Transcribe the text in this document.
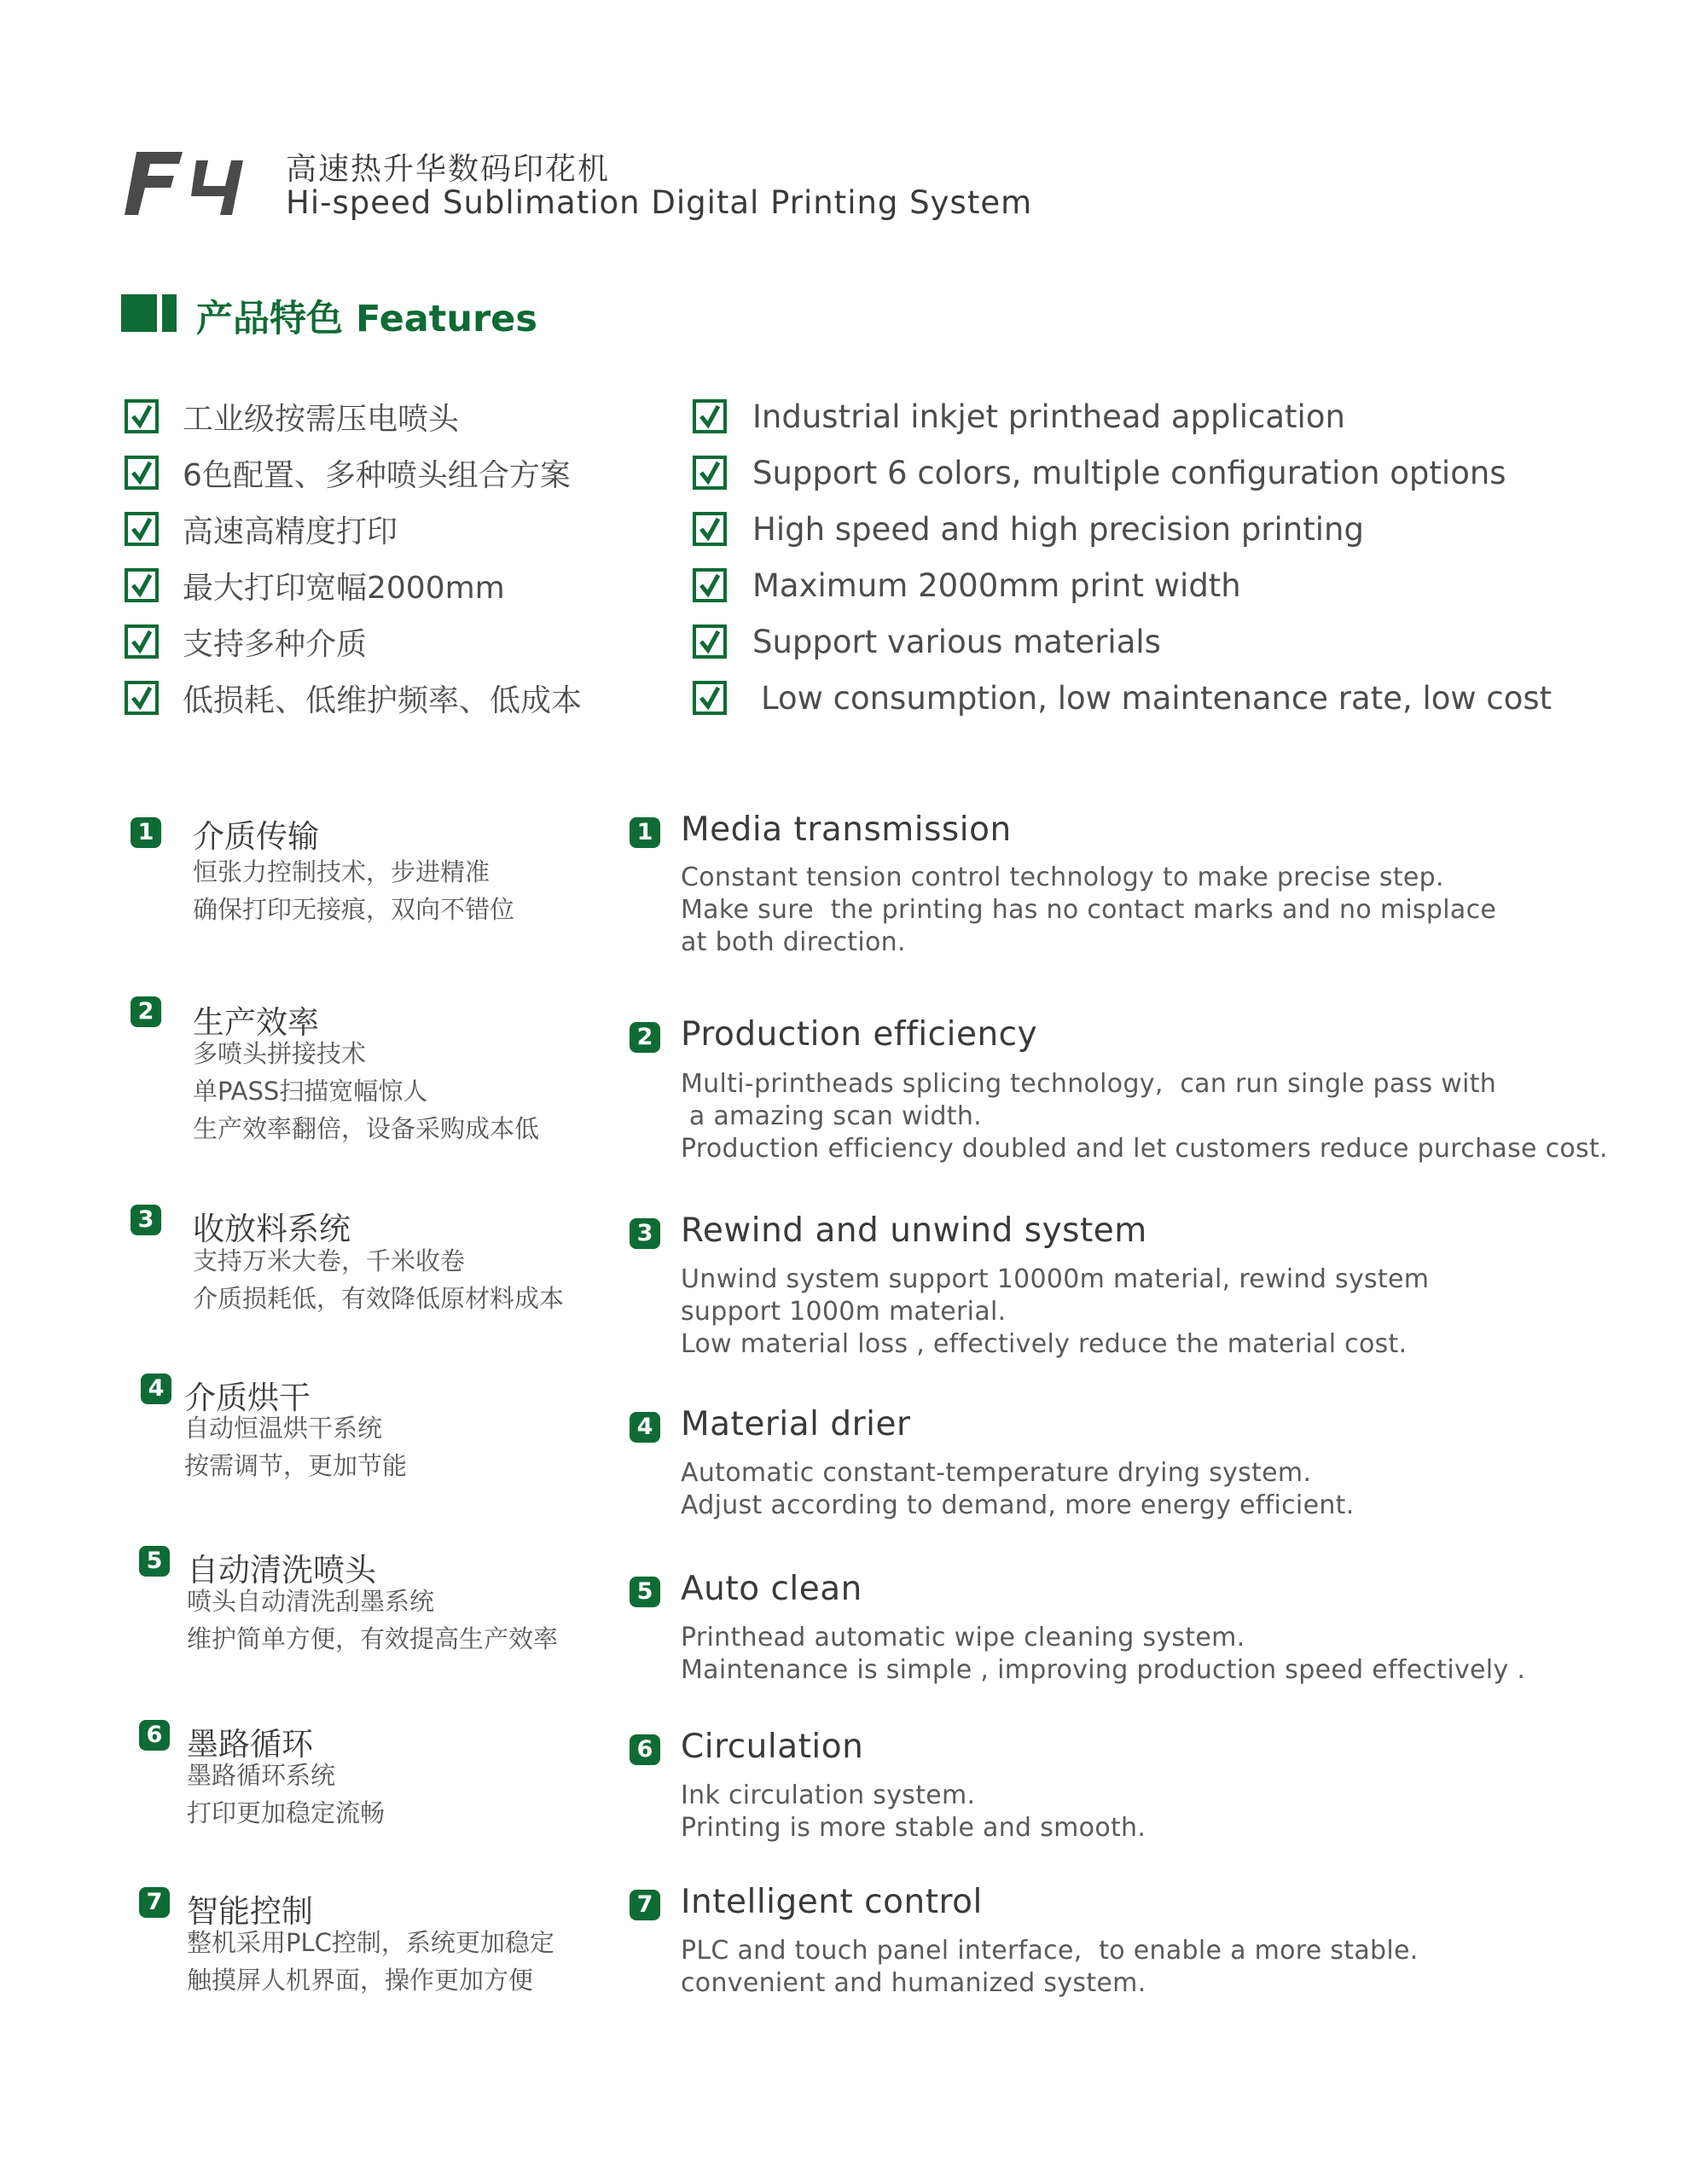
高速热升华数码印花机
Hi-speed Sublimation Digital Printing System
产品特色 Features
工业级按需压电喷头
6色配置、多种喷头组合方案
高速高精度打印
最大打印宽幅2000mm
支持多种介质
低损耗、低维护频率、低成本
Industrial inkjet printhead application
Support 6 colors, multiple configuration options
High speed and high precision printing
Maximum 2000mm print width
Support various materials
Low consumption, low maintenance rate, low cost
1 介质传输
恒张力控制技术，步进精准
确保打印无接痕，双向不错位
1 Media transmission
Constant tension control technology to make precise step.
Make sure  the printing has no contact marks and no misplace
at both direction.
2 生产效率
多喷头拼接技术
单PASS扫描宽幅惊人
生产效率翻倍，设备采购成本低
2 Production efficiency
Multi-printheads splicing technology,  can run single pass with
a amazing scan width.
Production efficiency doubled and let customers reduce purchase cost.
3 收放料系统
支持万米大卷，千米收卷
介质损耗低，有效降低原材料成本
3 Rewind and unwind system
Unwind system support 10000m material, rewind system
support 1000m material.
Low material loss , effectively reduce the material cost.
4 介质烘干
自动恒温烘干系统
按需调节，更加节能
4 Material drier
Automatic constant-temperature drying system.
Adjust according to demand, more energy efficient.
5 自动清洗喷头
喷头自动清洗刮墨系统
维护简单方便，有效提高生产效率
5 Auto clean
Printhead automatic wipe cleaning system.
Maintenance is simple , improving production speed effectively .
6 墨路循环
墨路循环系统
打印更加稳定流畅
6 Circulation
Ink circulation system.
Printing is more stable and smooth.
7 智能控制
整机采用PLC控制，系统更加稳定
触摸屏人机界面，操作更加方便
7 Intelligent control
PLC and touch panel interface,  to enable a more stable.
convenient and humanized system.
